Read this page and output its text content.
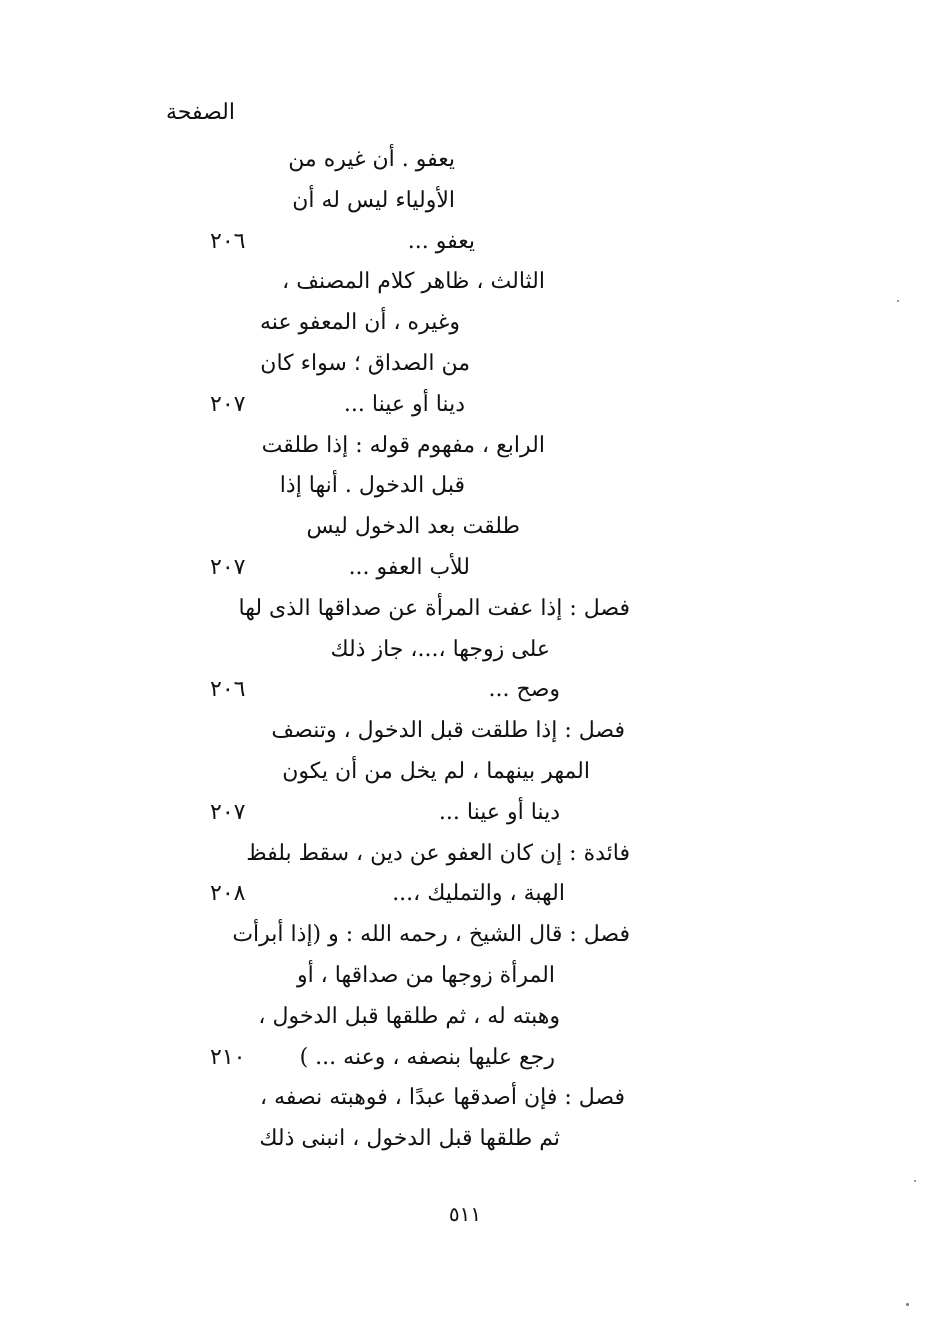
الصفحة
يعفو . أن غيره من
الأولياء ليس له أن
يعفو ...
٢٠٦
الثالث ، ظاهر كلام المصنف ،
وغيره ، أن المعفو عنه
من الصداق ؛ سواء كان
دينا أو عينا ...
٢٠٧
الرابع ، مفهوم قوله : إذا طلقت
قبل الدخول . أنها إذا
طلقت بعد الدخول ليس
للأب العفو ...
٢٠٧
فصل : إذا عفت المرأة عن صداقها الذى لها
على زوجها ،...، جاز ذلك
وصح ...
٢٠٦
فصل : إذا طلقت قبل الدخول ، وتنصف
المهر بينهما ، لم يخل من أن يكون
دينا أو عينا ...
٢٠٧
فائدة : إن كان العفو عن دين ، سقط بلفظ
الهبة ، والتمليك ،...
٢٠٨
فصل : قال الشيخ ، رحمه الله : و (إذا أبرأت
المرأة زوجها من صداقها ، أو
وهبته له ، ثم طلقها قبل الدخول ،
رجع عليها بنصفه ، وعنه ... )
٢١٠
فصل : فإن أصدقها عبدًا ، فوهبته نصفه ،
ثم طلقها قبل الدخول ، انبنى ذلك
٥١١
